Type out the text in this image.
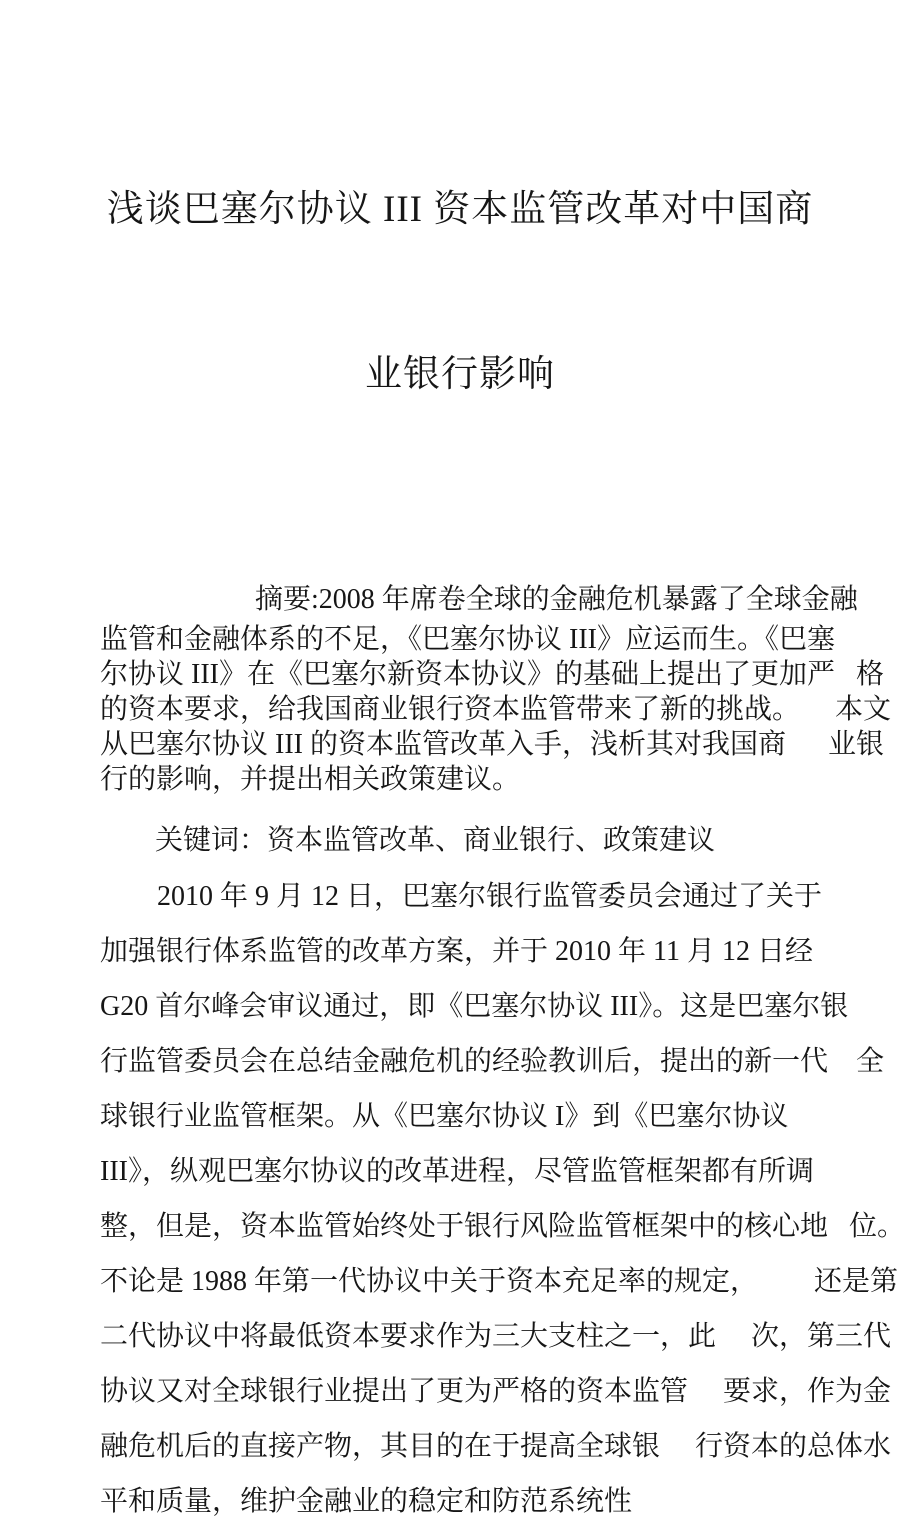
浅谈巴塞尔协议 III 资本监管改革对中国商

业银行影响

摘要:2008 年席卷全球的金融危机暴露了全球金融
监管和金融体系的不足，《巴塞尔协议 III》应运而生。《巴塞
尔协议 III》在《巴塞尔新资本协议》的基础上提出了更加严   格
的资本要求，给我国商业银行资本监管带来了新的挑战。     本文
从巴塞尔协议 III 的资本监管改革入手，浅析其对我国商      业银
行的影响，并提出相关政策建议。
关键词：资本监管改革、商业银行、政策建议
2010 年 9 月 12 日，巴塞尔银行监管委员会通过了关于
加强银行体系监管的改革方案，并于 2010 年 11 月 12 日经
G20 首尔峰会审议通过，即《巴塞尔协议 III》。这是巴塞尔银
行监管委员会在总结金融危机的经验教训后，提出的新一代    全
球银行业监管框架。从《巴塞尔协议 I》到《巴塞尔协议
III》，纵观巴塞尔协议的改革进程，尽管监管框架都有所调
整，但是，资本监管始终处于银行风险监管框架中的核心地   位。
不论是 1988 年第一代协议中关于资本充足率的规定，        还是第
二代协议中将最低资本要求作为三大支柱之一，此     次，第三代
协议又对全球银行业提出了更为严格的资本监管     要求，作为金
融危机后的直接产物，其目的在于提高全球银     行资本的总体水
平和质量，维护金融业的稳定和防范系统性
